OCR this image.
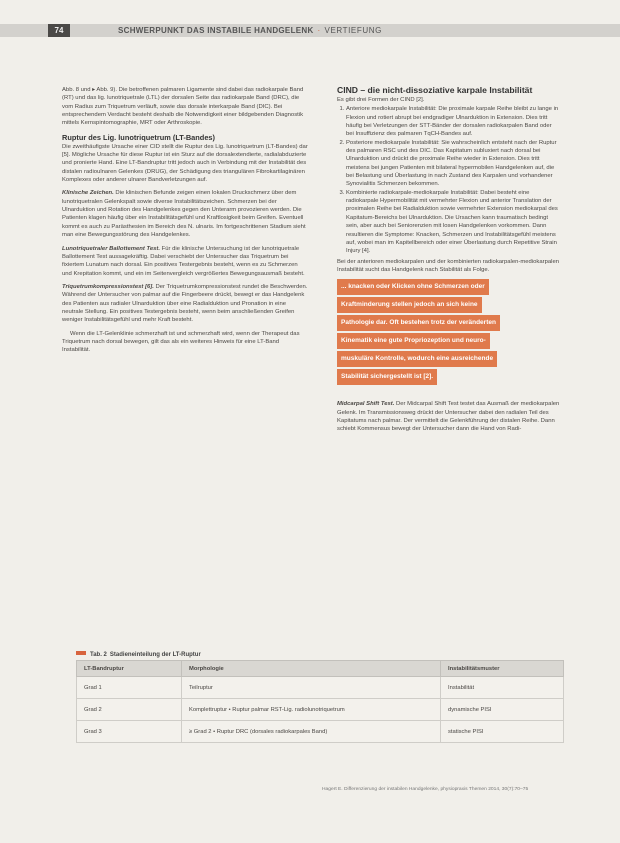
74	SCHWERPUNKT DAS INSTABILE HANDGELENK · VERTIEFUNG

Abb. 8 und ▸ Abb. 9). Die betroffenen palmaren Ligamente sind dabei das radiokarpale Band (RT) und das lig. lunotriquetrale (LTL) der dorsalen Seite das radiokarpale Band (DRC), die vom Radius zum Triquetrum verläuft, sowie das dorsale interkarpale Band (DIC). Bei entsprechendem Verdacht besteht deshalb die Notwendigkeit einer bildgebenden Diagnostik mittels Kernspintomographie, MRT oder Arthroskopie.

Ruptur des Lig. lunotriquetrum (LT-Bandes)

Die zweithäufigste Ursache einer CID stellt die Ruptur des Lig. lunotriquetrum (LT-Bandes) dar [5]. Mögliche Ursache für diese Ruptur ist ein Sturz auf die dorsalextendierte, radialabduzierte und pronierte Hand. Eine LT-Bandruptur tritt jedoch auch in Verbindung mit der Instabilität des distalen radioulnaren Gelenkes (DRUG), der Schädigung des triangulären Fibrokartilaginären Komplexes oder anderer ulnarer Bandverletzungen auf.

Klinische Zeichen. Die klinischen Befunde zeigen einen lokalen Druckschmerz über dem lunotriquetralen Gelenkspalt sowie diverse Instabilitätszeichen. Schmerzen bei der Ulnarduktion und Rotation des Handgelenkes gegen den Unterarm provozieren werden. Die Patienten klagen häufig über ein Instabilitätsgefühl und Kraftlosigkeit beim Greifen. Eventuell kommt es auch zu Parästhesien im Bereich des N. ulnaris. Im fortgeschrittenen Stadium sieht man eine Bewegungsstörung des Handgelenkes.

Lunotriquetraler Ballottement Test. Für die klinische Untersuchung ist der lunotriquetrale Ballottement Test aussagekräftig. Dabei verschiebt der Untersucher das Triquetrum bei fixiertem Lunatum nach dorsal. Ein positives Testergebnis besteht, wenn es zu Schmerzen und Krepitation kommt, und ein im Seitenvergleich vergrößertes Bewegungsausmaß besteht.

Triquetrumkompressionstest [6]. Der Triquetrumkompressionstest rundet die Beschwerden. Während der Untersucher von palmar auf die Fingerbeere drückt, bewegt er das Handgelenk des Patienten aus radialer Ulnarduktion über eine Radialduktion und Pronation in eine neutrale Stellung. Ein positives Testergebnis besteht, wenn beim anschließenden Greifen weniger Instabilitätsgefühl und mehr Kraft besteht.

Wenn die LT-Gelenklinie schmerzhaft ist und schmerzhaft wird, wenn der Therapeut das Triquetrum nach dorsal bewegen, gilt das als ein weiteres Hinweis für eine LT-Band Instabilität.

CIND – die nicht-dissoziative karpale Instabilität

Es gibt drei Formen der CIND [2].

1. Anteriore mediokarpale Instabilität: Die proximale karpale Reihe bleibt zu lange in Flexion und rotiert abrupt bei endgradiger Ulnarduktion in Extension. Dies tritt häufig bei Verletzungen der STT-Bänder der dorsalen radiokarpalen Band oder bei Insuffizienz des palmaren TqCH-Bandes auf.
2. Posteriore mediokarpale Instabilität: Sie wahrscheinlich entsteht nach der Ruptur des palmaren RSC und des DIC. Das Kapitatum subluxiert nach dorsal bei Ulnarduktion und drückt die proximale Reihe wieder in Extension. Dies tritt meistens bei jungen Patienten mit bilateral hypermobilen Handgelenken auf, die bei Belastung und Überlastung in nach Zustand des Karpalen und vorhandener Synovialitis Schmerzen bekommen.
3. Kombinierte radiokarpale-mediokarpale Instabilität: Dabei besteht eine radiokarpale Hypermobilität mit vermehrter Flexion und anterior Translation der proximalen Reihe bei Radialduktion sowie vermehrter Extension mediokarpal des Kapitatum-Bereichs bei Ulnarduktion. Die Ursachen kann traumatisch bedingt sein, aber auch bei Seniorenzien mit losen Handgelenken vorkommen. Dann resultieren die Symptome: Knacken, Schmerzen und Instabilitätsgefühl meistens auf, wobei man im Kapitellbereich oder einer Überlastung durch Repetitive Strain Injury [4].

Bei der anterioren mediokarpalen und der kombinierten radiokarpalen-mediokarpalen Instabilität sucht das Handgelenk nach Stabilität als Folge.

... knacken oder Klicken ohne Schmerzen oder
Kraftminderung stellen jedoch an sich keine
Pathologie dar. Oft bestehen trotz der veränderten
Kinematik eine gute Propriozeption und neuro-
muskuläre Kontrolle, wodurch eine ausreichende
Stabilität sichergestellt ist [2].

Midcarpal Shift Test. Der Midcarpal Shift Test testet das Ausmaß der mediokarpalen Gelenk. Im Transmissionsweg drückt der Untersucher dabei den radialen Teil des Kapitatums nach palmar. Der vermittelt die Gelenkführung der distalen Reihe. Dann schiebt Kommensus bewegt der Untersucher dann die Hand von Radi-

Tab. 2 Stadieneinteilung der LT-Ruptur
LT-Bandruptur	Morphologie	Instabilitätsmuster
Grad 1	Teilruptur	Instabilität
Grad 2	Komplettruptur • Ruptur palmar RST-Lig. radiolunotriquetrum	dynamische PISI
Grad 3	≥ Grad 2 • Ruptur DRC (dorsales radiokarpales Band)	statische PISI
Hagert E. Differenzierung der instabilen Handgelenke, physiopraxis Themen 2014, 30(7):70–75
